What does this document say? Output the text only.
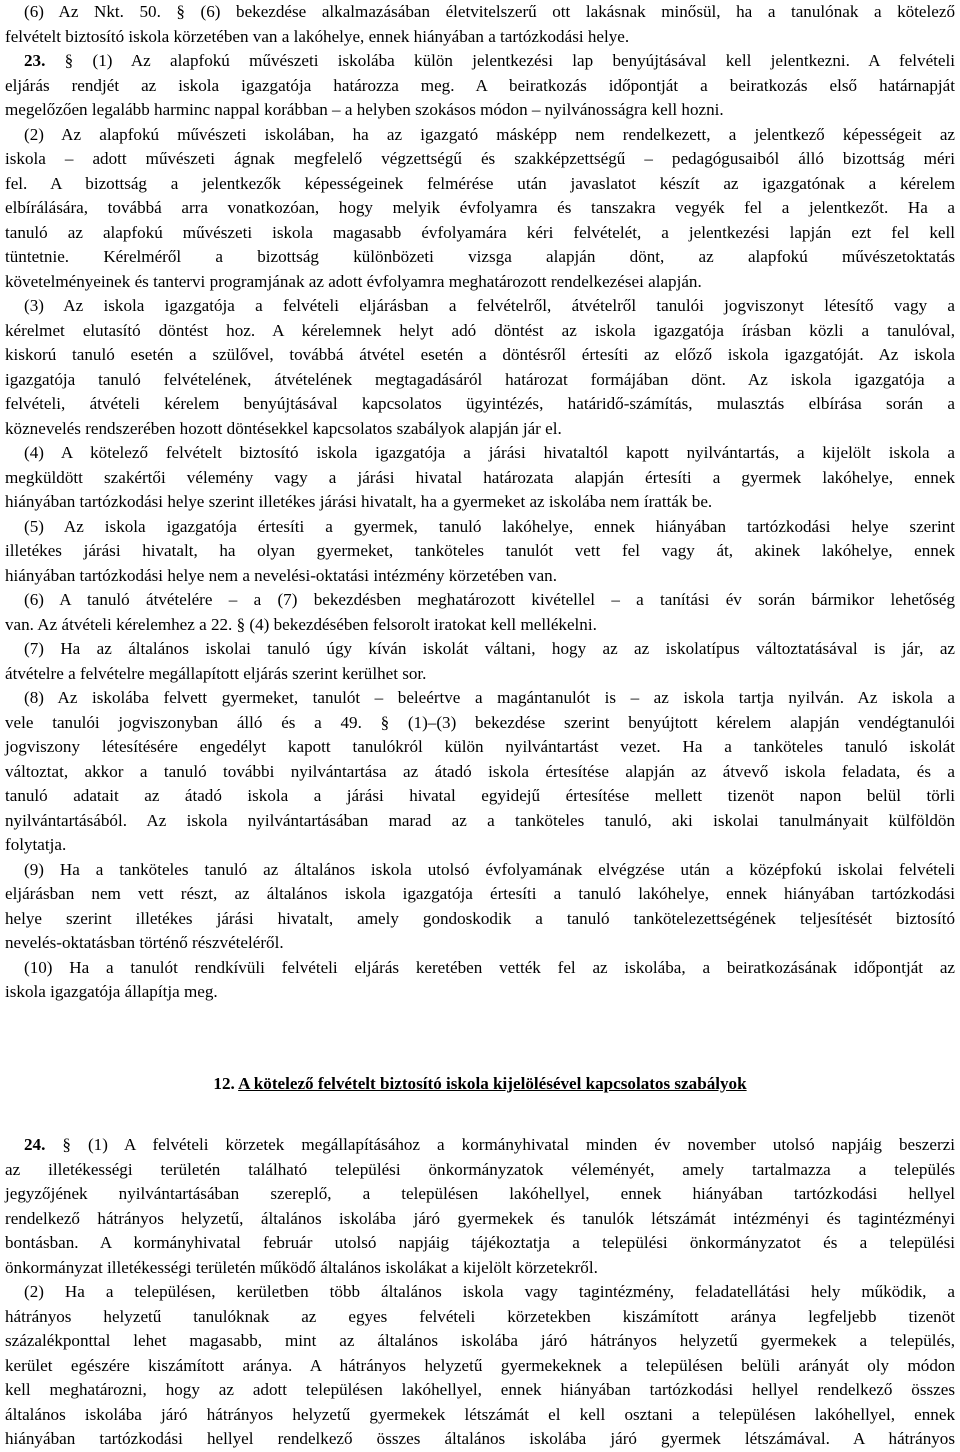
(6) Az Nkt. 50. § (6) bekezdése alkalmazásában életvitelszerű ott lakásnak minősül, ha a tanulónak a kötelező
felvételt biztosító iskola körzetében van a lakóhelye, ennek hiányában a tartózkodási helye.
23. § (1) Az alapfokú művészeti iskolába külön jelentkezési lap benyújtásával kell jelentkezni. A felvételi
eljárás rendjét az iskola igazgatója határozza meg. A beiratkozás időpontját a beiratkozás első határnapját
megelőzően legalább harminc nappal korábban – a helyben szokásos módon – nyilvánosságra kell hozni.
(2) Az alapfokú művészeti iskolában, ha az igazgató másképp nem rendelkezett, a jelentkező képességeit az
iskola – adott művészeti ágnak megfelelő végzettségű és szakképzettségű – pedagógusaiból álló bizottság méri
fel. A bizottság a jelentkezők képességeinek felmérése után javaslatot készít az igazgatónak a kérelem
elbírálására, továbbá arra vonatkozóan, hogy melyik évfolyamra és tanszakra vegyék fel a jelentkezőt. Ha a
tanuló az alapfokú művészeti iskola magasabb évfolyamára kéri felvételét, a jelentkezési lapján ezt fel kell
tüntetnie. Kérelméről a bizottság különbözeti vizsga alapján dönt, az alapfokú művészetoktatás
követelményeinek és tantervi programjának az adott évfolyamra meghatározott rendelkezései alapján.
(3) Az iskola igazgatója a felvételi eljárásban a felvételről, átvételről tanulói jogviszonyt létesítő vagy a
kérelmet elutasító döntést hoz. A kérelemnek helyt adó döntést az iskola igazgatója írásban közli a tanulóval,
kiskorú tanuló esetén a szülővel, továbbá átvétel esetén a döntésről értesíti az előző iskola igazgatóját. Az iskola
igazgatója tanuló felvételének, átvételének megtagadásáról határozat formájában dönt. Az iskola igazgatója a
felvételi, átvételi kérelem benyújtásával kapcsolatos ügyintézés, határidő-számítás, mulasztás elbírása során a
köznevelés rendszerében hozott döntésekkel kapcsolatos szabályok alapján jár el.
(4) A kötelező felvételt biztosító iskola igazgatója a járási hivataltól kapott nyilvántartás, a kijelölt iskola a
megküldött szakértői vélemény vagy a járási hivatal határozata alapján értesíti a gyermek lakóhelye, ennek
hiányában tartózkodási helye szerint illetékes járási hivatalt, ha a gyermeket az iskolába nem íratták be.
(5) Az iskola igazgatója értesíti a gyermek, tanuló lakóhelye, ennek hiányában tartózkodási helye szerint
illetékes járási hivatalt, ha olyan gyermeket, tanköteles tanulót vett fel vagy át, akinek lakóhelye, ennek
hiányában tartózkodási helye nem a nevelési-oktatási intézmény körzetében van.
(6) A tanuló átvételére – a (7) bekezdésben meghatározott kivétellel – a tanítási év során bármikor lehetőség
van. Az átvételi kérelemhez a 22. § (4) bekezdésében felsorolt iratokat kell mellékelni.
(7) Ha az általános iskolai tanuló úgy kíván iskolát váltani, hogy az az iskolatípus változtatásával is jár, az
átvételre a felvételre megállapított eljárás szerint kerülhet sor.
(8) Az iskolába felvett gyermeket, tanulót – beleértve a magántanulót is – az iskola tartja nyilván. Az iskola a
vele tanulói jogviszonyban álló és a 49. § (1)–(3) bekezdése szerint benyújtott kérelem alapján vendégtanulói
jogviszony létesítésére engedélyt kapott tanulókról külön nyilvántartást vezet. Ha a tanköteles tanuló iskolát
változtat, akkor a tanuló további nyilvántartása az átadó iskola értesítése alapján az átvevő iskola feladata, és a
tanuló adatait az átadó iskola a járási hivatal egyidejű értesítése mellett tizenöt napon belül törli
nyilvántartásából. Az iskola nyilvántartásában marad az a tanköteles tanuló, aki iskolai tanulmányait külföldön
folytatja.
(9) Ha a tanköteles tanuló az általános iskola utolsó évfolyamának elvégzése után a középfokú iskolai felvételi
eljárásban nem vett részt, az általános iskola igazgatója értesíti a tanuló lakóhelye, ennek hiányában tartózkodási
helye szerint illetékes járási hivatalt, amely gondoskodik a tanuló tankötelezettségének teljesítését biztosító
nevelés-oktatásban történő részvételéről.
(10) Ha a tanulót rendkívüli felvételi eljárás keretében vették fel az iskolába, a beiratkozásának időpontját az
iskola igazgatója állapítja meg.
12. A kötelező felvételt biztosító iskola kijelölésével kapcsolatos szabályok
24. § (1) A felvételi körzetek megállapításához a kormányhivatal minden év november utolsó napjáig beszerzi
az illetékességi területén található települési önkormányzatok véleményét, amely tartalmazza a település
jegyzőjének nyilvántartásában szereplő, a településen lakóhellyel, ennek hiányában tartózkodási hellyel
rendelkező hátrányos helyzetű, általános iskolába járó gyermekek és tanulók létszámát intézményi és tagintézményi
bontásban. A kormányhivatal február utolsó napjáig tájékoztatja a települési önkormányzatot és a települési
önkormányzat illetékességi területén működő általános iskolákat a kijelölt körzetekről.
(2) Ha a településen, kerületben több általános iskola vagy tagintézmény, feladatellátási hely működik, a
hátrányos helyzetű tanulóknak az egyes felvételi körzetekben kiszámított aránya legfeljebb tizenöt
százalékponttal lehet magasabb, mint az általános iskolába járó hátrányos helyzetű gyermekek a település,
kerület egészére kiszámított aránya. A hátrányos helyzetű gyermekeknek a településen belüli arányát oly módon
kell meghatározni, hogy az adott településen lakóhellyel, ennek hiányában tartózkodási hellyel rendelkező összes
általános iskolába járó hátrányos helyzetű gyermekek létszámát el kell osztani a településen lakóhellyel, ennek
hiányában tartózkodási hellyel rendelkező összes általános iskolába járó gyermek létszámával. A hátrányos
